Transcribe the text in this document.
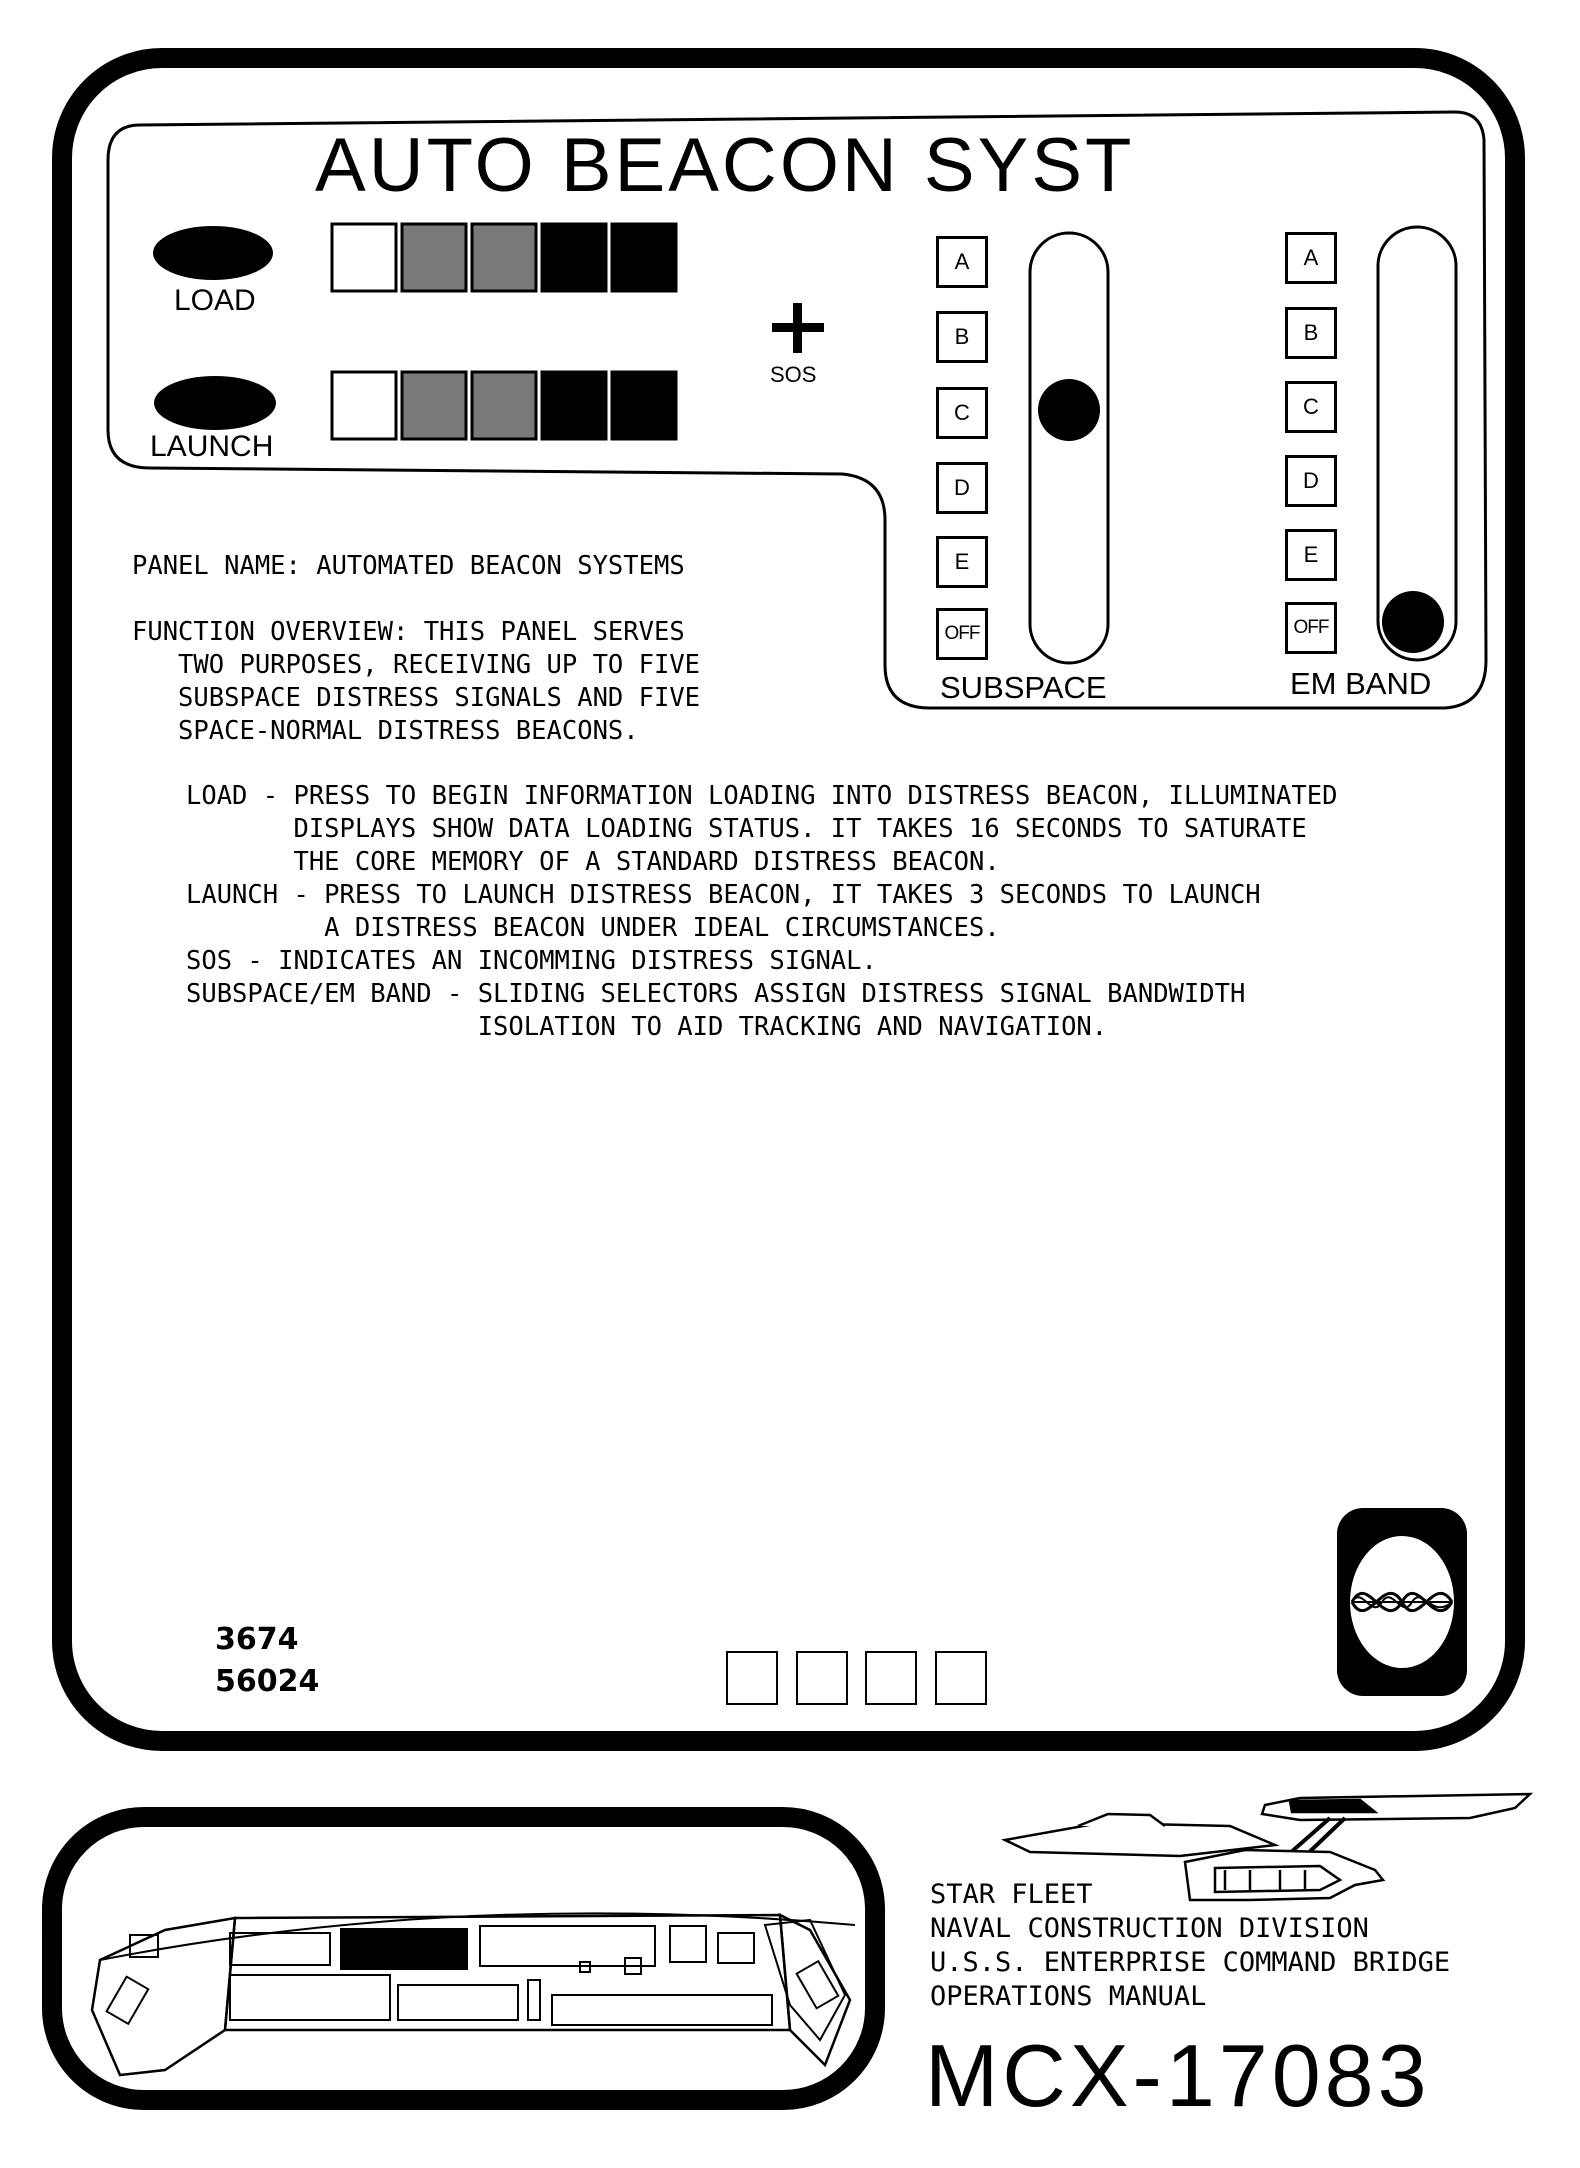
AUTO BEACON SYST
LOAD
LAUNCH
SOS
A
B
C
D
E
OFF
SUBSPACE
A
B
C
D
E
OFF
EM BAND
PANEL NAME: AUTOMATED BEACON SYSTEMS
FUNCTION OVERVIEW: THIS PANEL SERVES
TWO PURPOSES, RECEIVING UP TO FIVE
SUBSPACE DISTRESS SIGNALS AND FIVE
SPACE-NORMAL DISTRESS BEACONS.
LOAD - PRESS TO BEGIN INFORMATION LOADING INTO DISTRESS BEACON, ILLUMINATED
DISPLAYS SHOW DATA LOADING STATUS. IT TAKES 16 SECONDS TO SATURATE
THE CORE MEMORY OF A STANDARD DISTRESS BEACON.
LAUNCH - PRESS TO LAUNCH DISTRESS BEACON, IT TAKES 3 SECONDS TO LAUNCH
A DISTRESS BEACON UNDER IDEAL CIRCUMSTANCES.
SOS - INDICATES AN INCOMMING DISTRESS SIGNAL.
SUBSPACE/EM BAND - SLIDING SELECTORS ASSIGN DISTRESS SIGNAL BANDWIDTH
ISOLATION TO AID TRACKING AND NAVIGATION.
3674
56024
STAR FLEET
NAVAL CONSTRUCTION DIVISION
U.S.S. ENTERPRISE COMMAND BRIDGE
OPERATIONS MANUAL
MCX-17083
